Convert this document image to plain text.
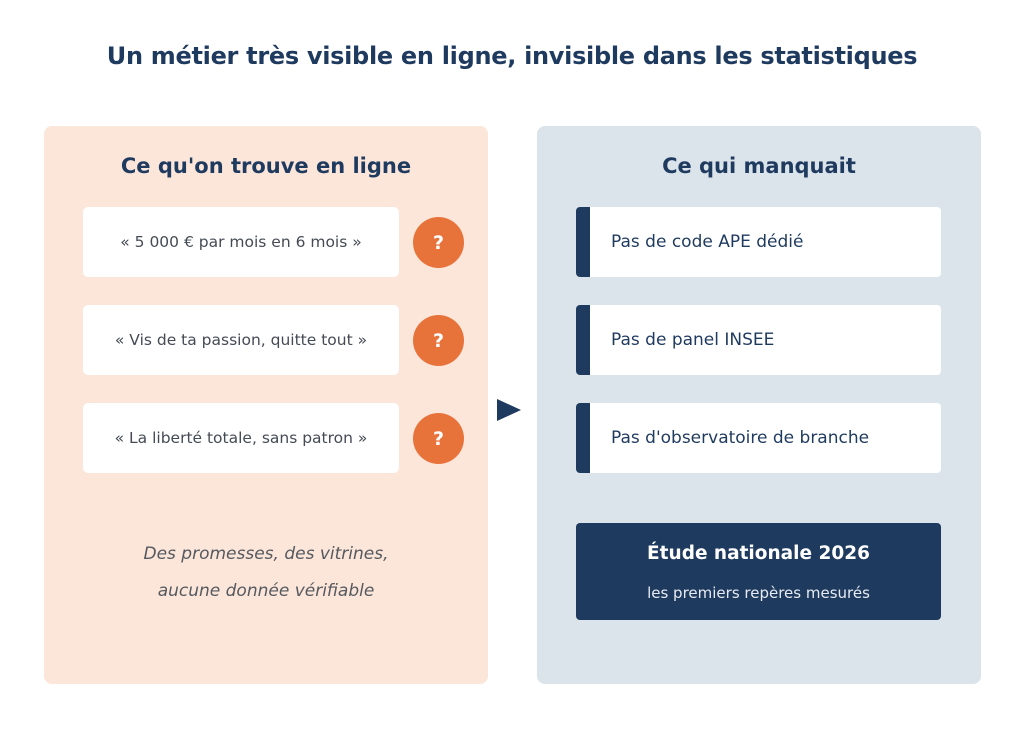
Un métier très visible en ligne, invisible dans les statistiques
Ce qu'on trouve en ligne
« 5 000 € par mois en 6 mois »	?
« Vis de ta passion, quitte tout »	?
« La liberté totale, sans patron »	?
Des promesses, des vitrines,
aucune donnée vérifiable
Ce qui manquait
Pas de code APE dédié
Pas de panel INSEE
Pas d'observatoire de branche
Étude nationale 2026
les premiers repères mesurés
